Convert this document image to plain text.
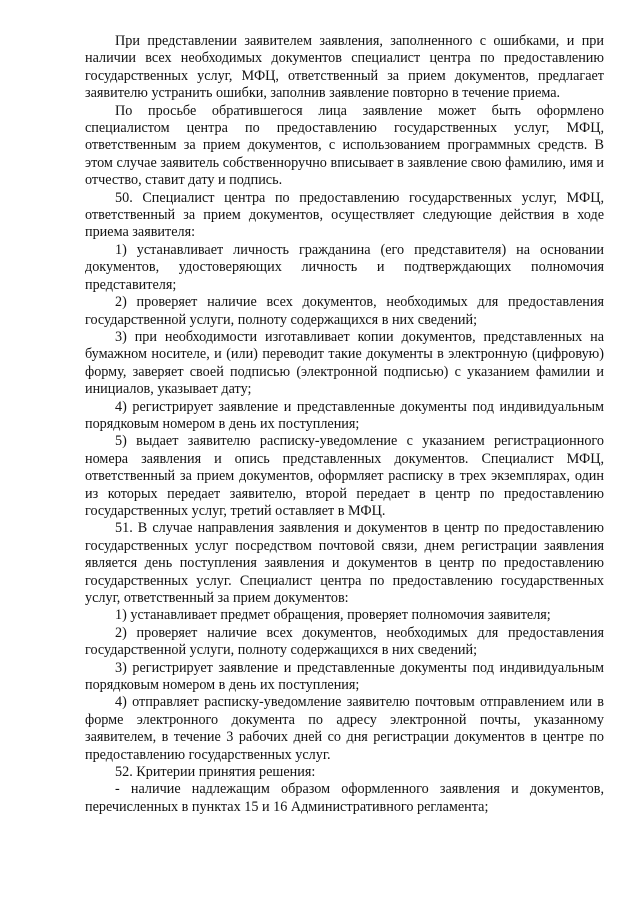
При представлении заявителем заявления, заполненного с ошибками, и при наличии всех необходимых документов специалист центра по предоставлению государственных услуг, МФЦ, ответственный за прием документов, предлагает заявителю устранить ошибки, заполнив заявление повторно в течение приема.

По просьбе обратившегося лица заявление может быть оформлено специалистом центра по предоставлению государственных услуг, МФЦ, ответственным за прием документов, с использованием программных средств. В этом случае заявитель собственноручно вписывает в заявление свою фамилию, имя и отчество, ставит дату и подпись.

50. Специалист центра по предоставлению государственных услуг, МФЦ, ответственный за прием документов, осуществляет следующие действия в ходе приема заявителя:

1) устанавливает личность гражданина (его представителя) на основании документов, удостоверяющих личность и подтверждающих полномочия представителя;

2) проверяет наличие всех документов, необходимых для предоставления государственной услуги, полноту содержащихся в них сведений;

3) при необходимости изготавливает копии документов, представленных на бумажном носителе, и (или) переводит такие документы в электронную (цифровую) форму, заверяет своей подписью (электронной подписью) с указанием фамилии и инициалов, указывает дату;

4) регистрирует заявление и представленные документы под индивидуальным порядковым номером в день их поступления;

5) выдает заявителю расписку-уведомление с указанием регистрационного номера заявления и опись представленных документов. Специалист МФЦ, ответственный за прием документов, оформляет расписку в трех экземплярах, один из которых передает заявителю, второй передает в центр по предоставлению государственных услуг, третий оставляет в МФЦ.

51. В случае направления заявления и документов в центр по предоставлению государственных услуг посредством почтовой связи, днем регистрации заявления является день поступления заявления и документов в центр по предоставлению государственных услуг. Специалист центра по предоставлению государственных услуг, ответственный за прием документов:

1) устанавливает предмет обращения, проверяет полномочия заявителя;

2) проверяет наличие всех документов, необходимых для предоставления государственной услуги, полноту содержащихся в них сведений;

3) регистрирует заявление и представленные документы под индивидуальным порядковым номером в день их поступления;

4) отправляет расписку-уведомление заявителю почтовым отправлением или в форме электронного документа по адресу электронной почты, указанному заявителем, в течение 3 рабочих дней со дня регистрации документов в центре по предоставлению государственных услуг.

52. Критерии принятия решения:

- наличие надлежащим образом оформленного заявления и документов, перечисленных в пунктах 15 и 16 Административного регламента;
